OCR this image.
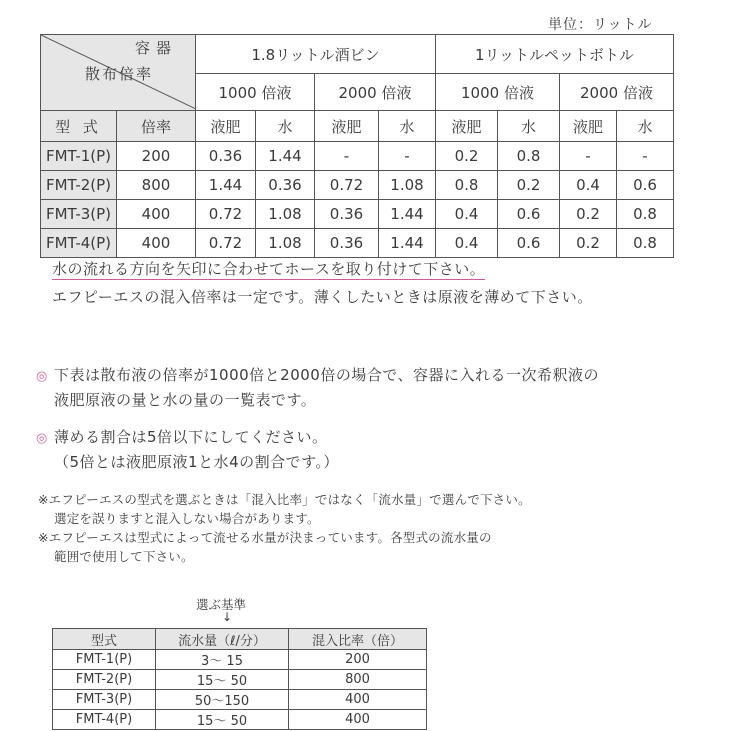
単位：リットル
容器
散布倍率		1.8リットル酒ビン				1リットルペットボトル			
		1000 倍液		2000 倍液		1000 倍液		2000 倍液	
型 式	倍率	液肥	水	液肥	水	液肥	水	液肥	水
FMT-1(P)	200	0.36	1.44	-	-	0.2	0.8	-	-
FMT-2(P)	800	1.44	0.36	0.72	1.08	0.8	0.2	0.4	0.6
FMT-3(P)	400	0.72	1.08	0.36	1.44	0.4	0.6	0.2	0.8
FMT-4(P)	400	0.72	1.08	0.36	1.44	0.4	0.6	0.2	0.8
水の流れる方向を矢印に合わせてホースを取り付けて下さい。
エフピーエスの混入倍率は一定です。薄くしたいときは原液を薄めて下さい。
◎ 下表は散布液の倍率が1000倍と2000倍の場合で、容器に入れる一次希釈液の
液肥原液の量と水の量の一覧表です。
◎ 薄める割合は5倍以下にしてください。
（5倍とは液肥原液1と水4の割合です。）
※エフピーエスの型式を選ぶときは「混入比率」ではなく「流水量」で選んで下さい。
選定を誤りますと混入しない場合があります。
※エフピーエスは型式によって流せる水量が決まっています。各型式の流水量の
範囲で使用して下さい。
選ぶ基準
↓
型式	流水量（ℓ/分）	混入比率（倍）
FMT-1(P)	3〜 15	200
FMT-2(P)	15〜 50	800
FMT-3(P)	50〜150	400
FMT-4(P)	15〜 50	400
